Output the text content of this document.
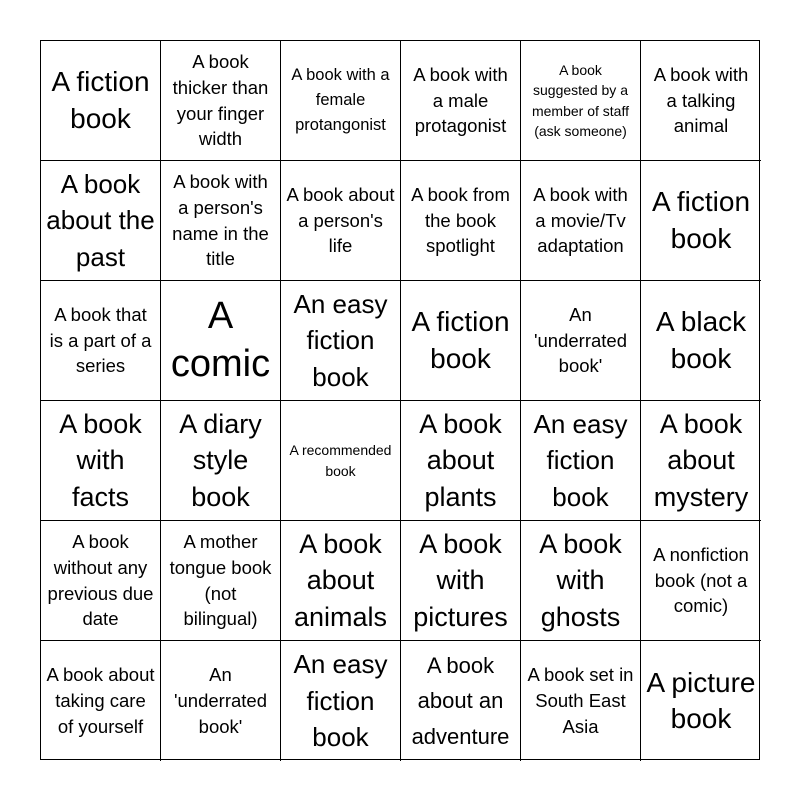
A fiction book
A book thicker than your finger width
A book with a female protangonist
A book with a male protagonist
A book suggested by a member of staff (ask someone)
A book with a talking animal
A book about the past
A book with a person's name in the title
A book about a person's life
A book from the book spotlight
A book with a movie/Tv adaptation
A fiction book
A book that is a part of a series
A comic
An easy fiction book
A fiction book
An 'underrated book'
A black book
A book with facts
A diary style book
A recommended book
A book about plants
An easy fiction book
A book about mystery
A book without any previous due date
A mother tongue book (not bilingual)
A book about animals
A book with pictures
A book with ghosts
A nonfiction book (not a comic)
A book about taking care of yourself
An 'underrated book'
An easy fiction book
A book about an adventure
A book set in South East Asia
A picture book
